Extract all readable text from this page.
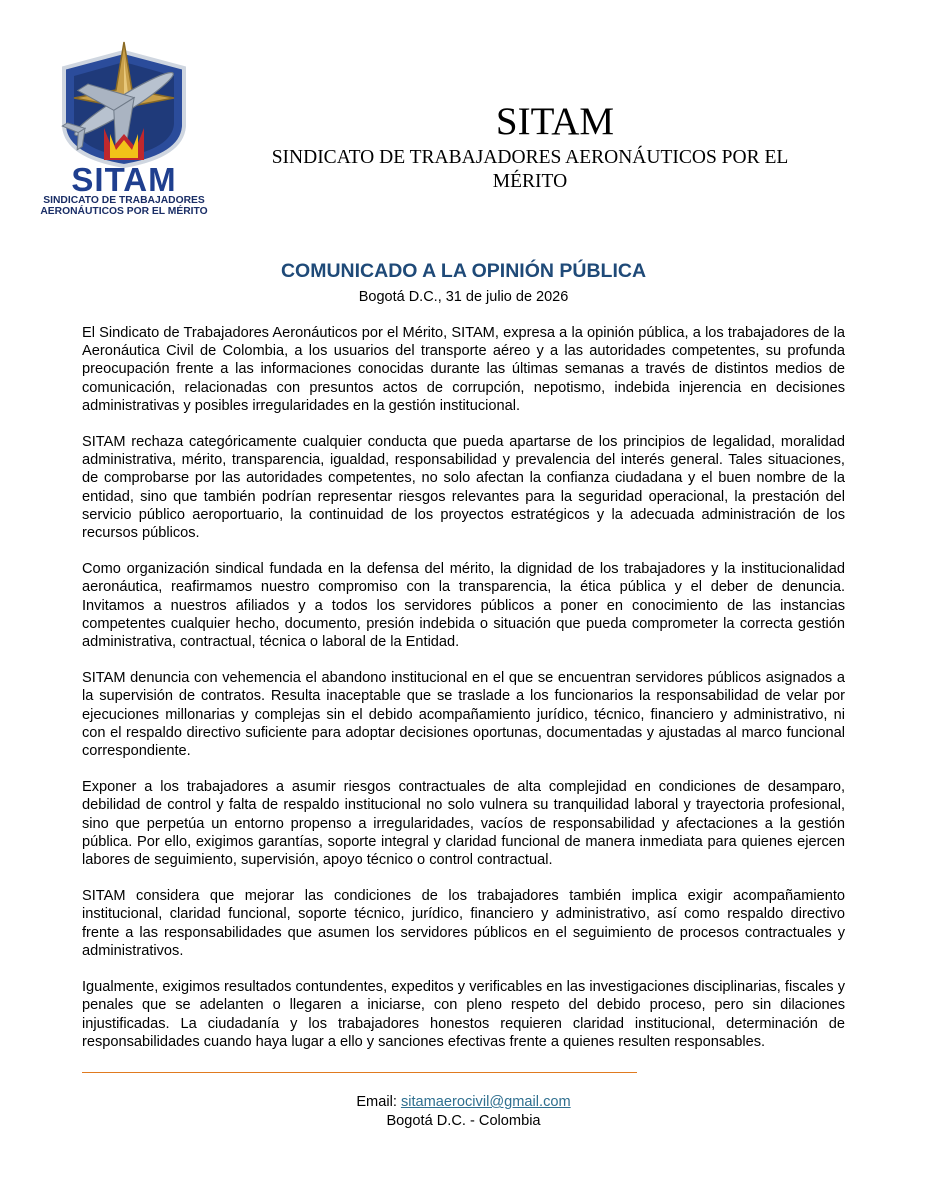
SITAM
SINDICATO DE TRABAJADORES
AERONÁUTICOS POR EL MÉRITO
SITAM
SINDICATO DE TRABAJADORES AERONÁUTICOS POR EL
MÉRITO
COMUNICADO A LA OPINIÓN PÚBLICA
Bogotá D.C., 31 de julio de 2026

El Sindicato de Trabajadores Aeronáuticos por el Mérito, SITAM, expresa a la opinión pública, a los trabajadores de la Aeronáutica Civil de Colombia, a los usuarios del transporte aéreo y a las autoridades competentes, su profunda preocupación frente a las informaciones conocidas durante las últimas semanas a través de distintos medios de comunicación, relacionadas con presuntos actos de corrupción, nepotismo, indebida injerencia en decisiones administrativas y posibles irregularidades en la gestión institucional.

SITAM rechaza categóricamente cualquier conducta que pueda apartarse de los principios de legalidad, moralidad administrativa, mérito, transparencia, igualdad, responsabilidad y prevalencia del interés general. Tales situaciones, de comprobarse por las autoridades competentes, no solo afectan la confianza ciudadana y el buen nombre de la entidad, sino que también podrían representar riesgos relevantes para la seguridad operacional, la prestación del servicio público aeroportuario, la continuidad de los proyectos estratégicos y la adecuada administración de los recursos públicos.

Como organización sindical fundada en la defensa del mérito, la dignidad de los trabajadores y la institucionalidad aeronáutica, reafirmamos nuestro compromiso con la transparencia, la ética pública y el deber de denuncia. Invitamos a nuestros afiliados y a todos los servidores públicos a poner en conocimiento de las instancias competentes cualquier hecho, documento, presión indebida o situación que pueda comprometer la correcta gestión administrativa, contractual, técnica o laboral de la Entidad.

SITAM denuncia con vehemencia el abandono institucional en el que se encuentran servidores públicos asignados a la supervisión de contratos. Resulta inaceptable que se traslade a los funcionarios la responsabilidad de velar por ejecuciones millonarias y complejas sin el debido acompañamiento jurídico, técnico, financiero y administrativo, ni con el respaldo directivo suficiente para adoptar decisiones oportunas, documentadas y ajustadas al marco funcional correspondiente.

Exponer a los trabajadores a asumir riesgos contractuales de alta complejidad en condiciones de desamparo, debilidad de control y falta de respaldo institucional no solo vulnera su tranquilidad laboral y trayectoria profesional, sino que perpetúa un entorno propenso a irregularidades, vacíos de responsabilidad y afectaciones a la gestión pública. Por ello, exigimos garantías, soporte integral y claridad funcional de manera inmediata para quienes ejercen labores de seguimiento, supervisión, apoyo técnico o control contractual.

SITAM considera que mejorar las condiciones de los trabajadores también implica exigir acompañamiento institucional, claridad funcional, soporte técnico, jurídico, financiero y administrativo, así como respaldo directivo frente a las responsabilidades que asumen los servidores públicos en el seguimiento de procesos contractuales y administrativos.

Igualmente, exigimos resultados contundentes, expeditos y verificables en las investigaciones disciplinarias, fiscales y penales que se adelanten o llegaren a iniciarse, con pleno respeto del debido proceso, pero sin dilaciones injustificadas. La ciudadanía y los trabajadores honestos requieren claridad institucional, determinación de responsabilidades cuando haya lugar a ello y sanciones efectivas frente a quienes resulten responsables.

Email: sitamaerocivil@gmail.com
Bogotá D.C. - Colombia
